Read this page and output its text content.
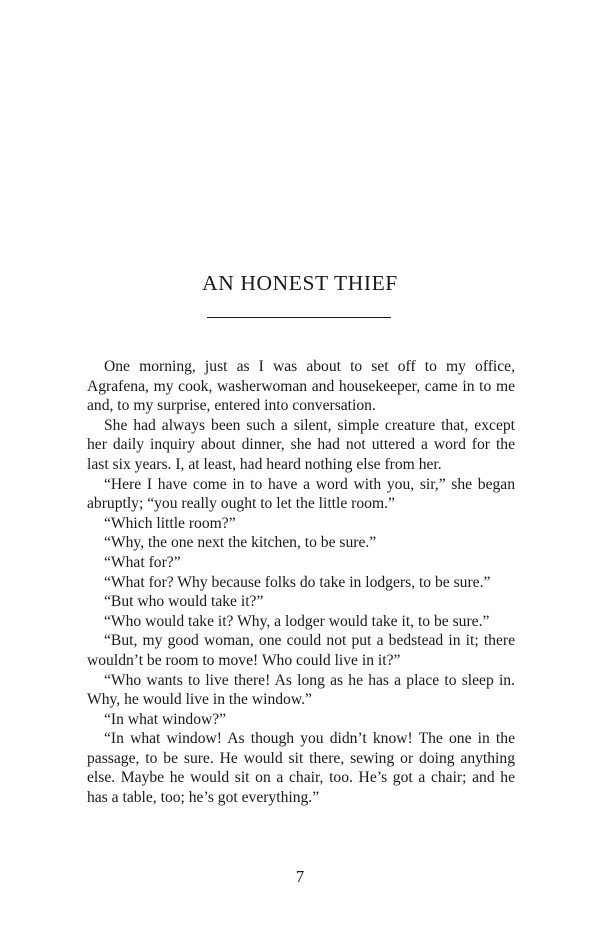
AN HONEST THIEF

One morning, just as I was about to set off to my office, Agrafena, my cook, washerwoman and housekeeper, came in to me and, to my surprise, entered into conversation.

She had always been such a silent, simple creature that, except her daily inquiry about dinner, she had not uttered a word for the last six years. I, at least, had heard nothing else from her.

“Here I have come in to have a word with you, sir,” she began abruptly; “you really ought to let the little room.”

“Which little room?”

“Why, the one next the kitchen, to be sure.”

“What for?”

“What for? Why because folks do take in lodgers, to be sure.”

“But who would take it?”

“Who would take it? Why, a lodger would take it, to be sure.”

“But, my good woman, one could not put a bedstead in it; there wouldn’t be room to move! Who could live in it?”

“Who wants to live there! As long as he has a place to sleep in. Why, he would live in the window.”

“In what window?”

“In what window! As though you didn’t know! The one in the passage, to be sure. He would sit there, sewing or doing anything else. Maybe he would sit on a chair, too. He’s got a chair; and he has a table, too; he’s got everything.”

7
